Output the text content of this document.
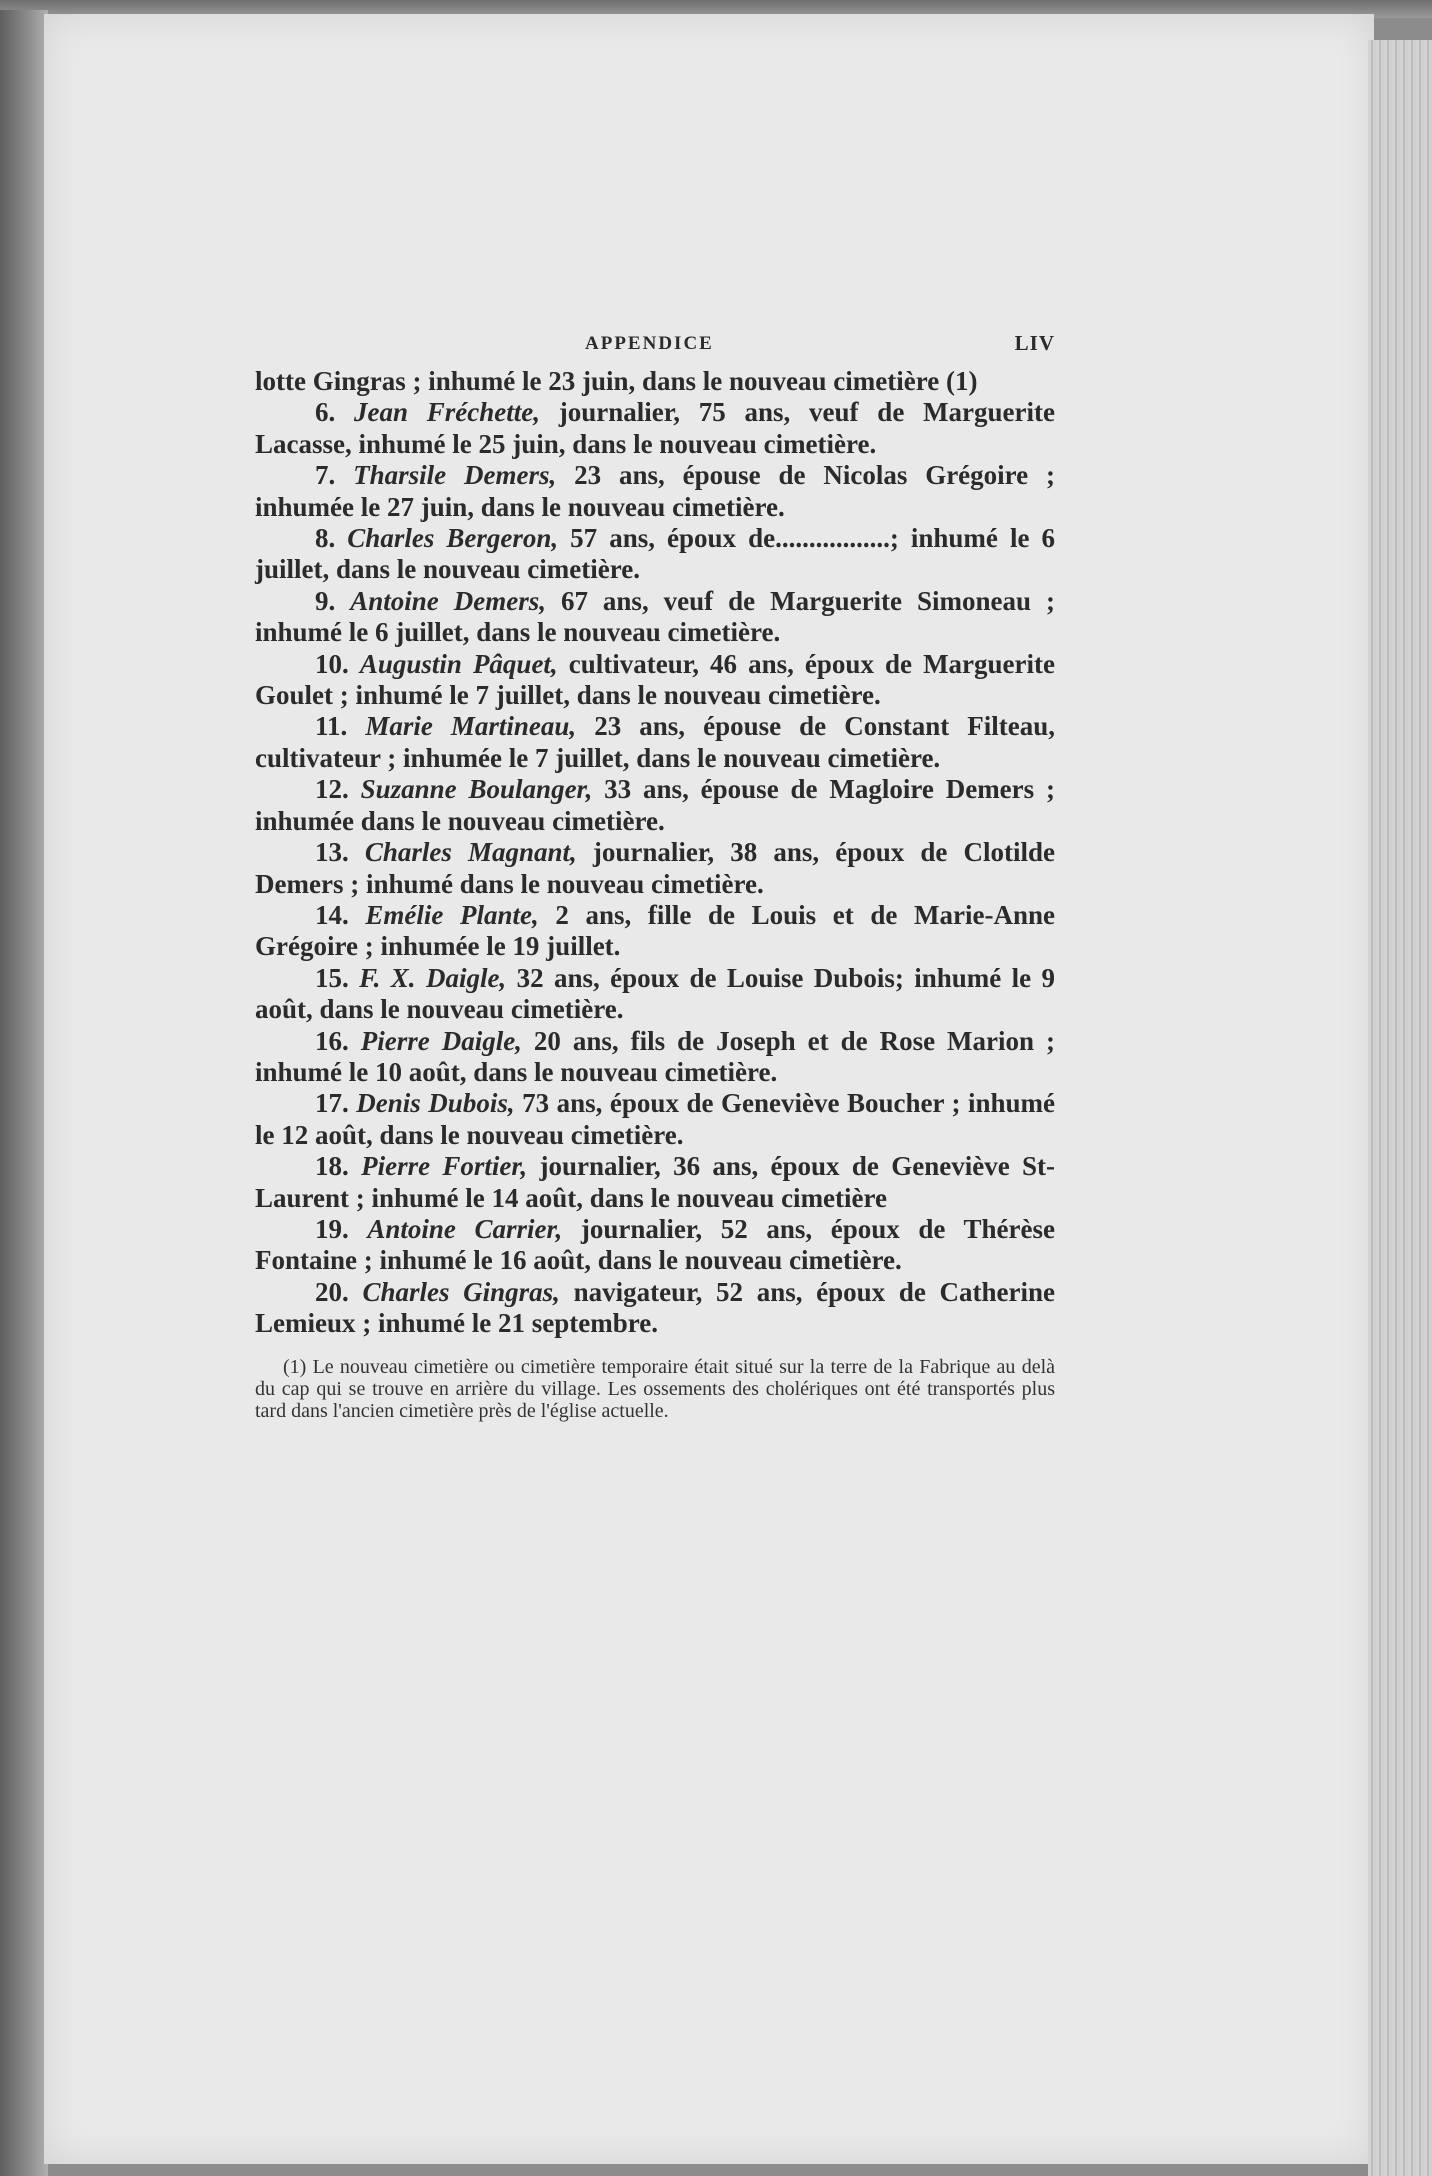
APPENDICE	LIV

lotte Gingras ; inhumé le 23 juin, dans le nouveau cimetière (1)

6. Jean Fréchette, journalier, 75 ans, veuf de Marguerite Lacasse, inhumé le 25 juin, dans le nouveau cimetière.

7. Tharsile Demers, 23 ans, épouse de Nicolas Grégoire ; inhumée le 27 juin, dans le nouveau cimetière.

8. Charles Bergeron, 57 ans, époux de.................; inhumé le 6 juillet, dans le nouveau cimetière.

9. Antoine Demers, 67 ans, veuf de Marguerite Simoneau ; inhumé le 6 juillet, dans le nouveau cimetière.

10. Augustin Pâquet, cultivateur, 46 ans, époux de Marguerite Goulet ; inhumé le 7 juillet, dans le nouveau cimetière.

11. Marie Martineau, 23 ans, épouse de Constant Filteau, cultivateur ; inhumée le 7 juillet, dans le nouveau cimetière.

12. Suzanne Boulanger, 33 ans, épouse de Magloire Demers ; inhumée dans le nouveau cimetière.

13. Charles Magnant, journalier, 38 ans, époux de Clotilde Demers ; inhumé dans le nouveau cimetière.

14. Emélie Plante, 2 ans, fille de Louis et de Marie-Anne Grégoire ; inhumée le 19 juillet.

15. F. X. Daigle, 32 ans, époux de Louise Dubois; inhumé le 9 août, dans le nouveau cimetière.

16. Pierre Daigle, 20 ans, fils de Joseph et de Rose Marion ; inhumé le 10 août, dans le nouveau cimetière.

17. Denis Dubois, 73 ans, époux de Geneviève Boucher ; inhumé le 12 août, dans le nouveau cimetière.

18. Pierre Fortier, journalier, 36 ans, époux de Geneviève St-Laurent ; inhumé le 14 août, dans le nouveau cimetière

19. Antoine Carrier, journalier, 52 ans, époux de Thérèse Fontaine ; inhumé le 16 août, dans le nouveau cimetière.

20. Charles Gingras, navigateur, 52 ans, époux de Catherine Lemieux ; inhumé le 21 septembre.

(1) Le nouveau cimetière ou cimetière temporaire était situé sur la terre de la Fabrique au delà du cap qui se trouve en arrière du village. Les ossements des cholériques ont été transportés plus tard dans l'ancien cimetière près de l'église actuelle.
